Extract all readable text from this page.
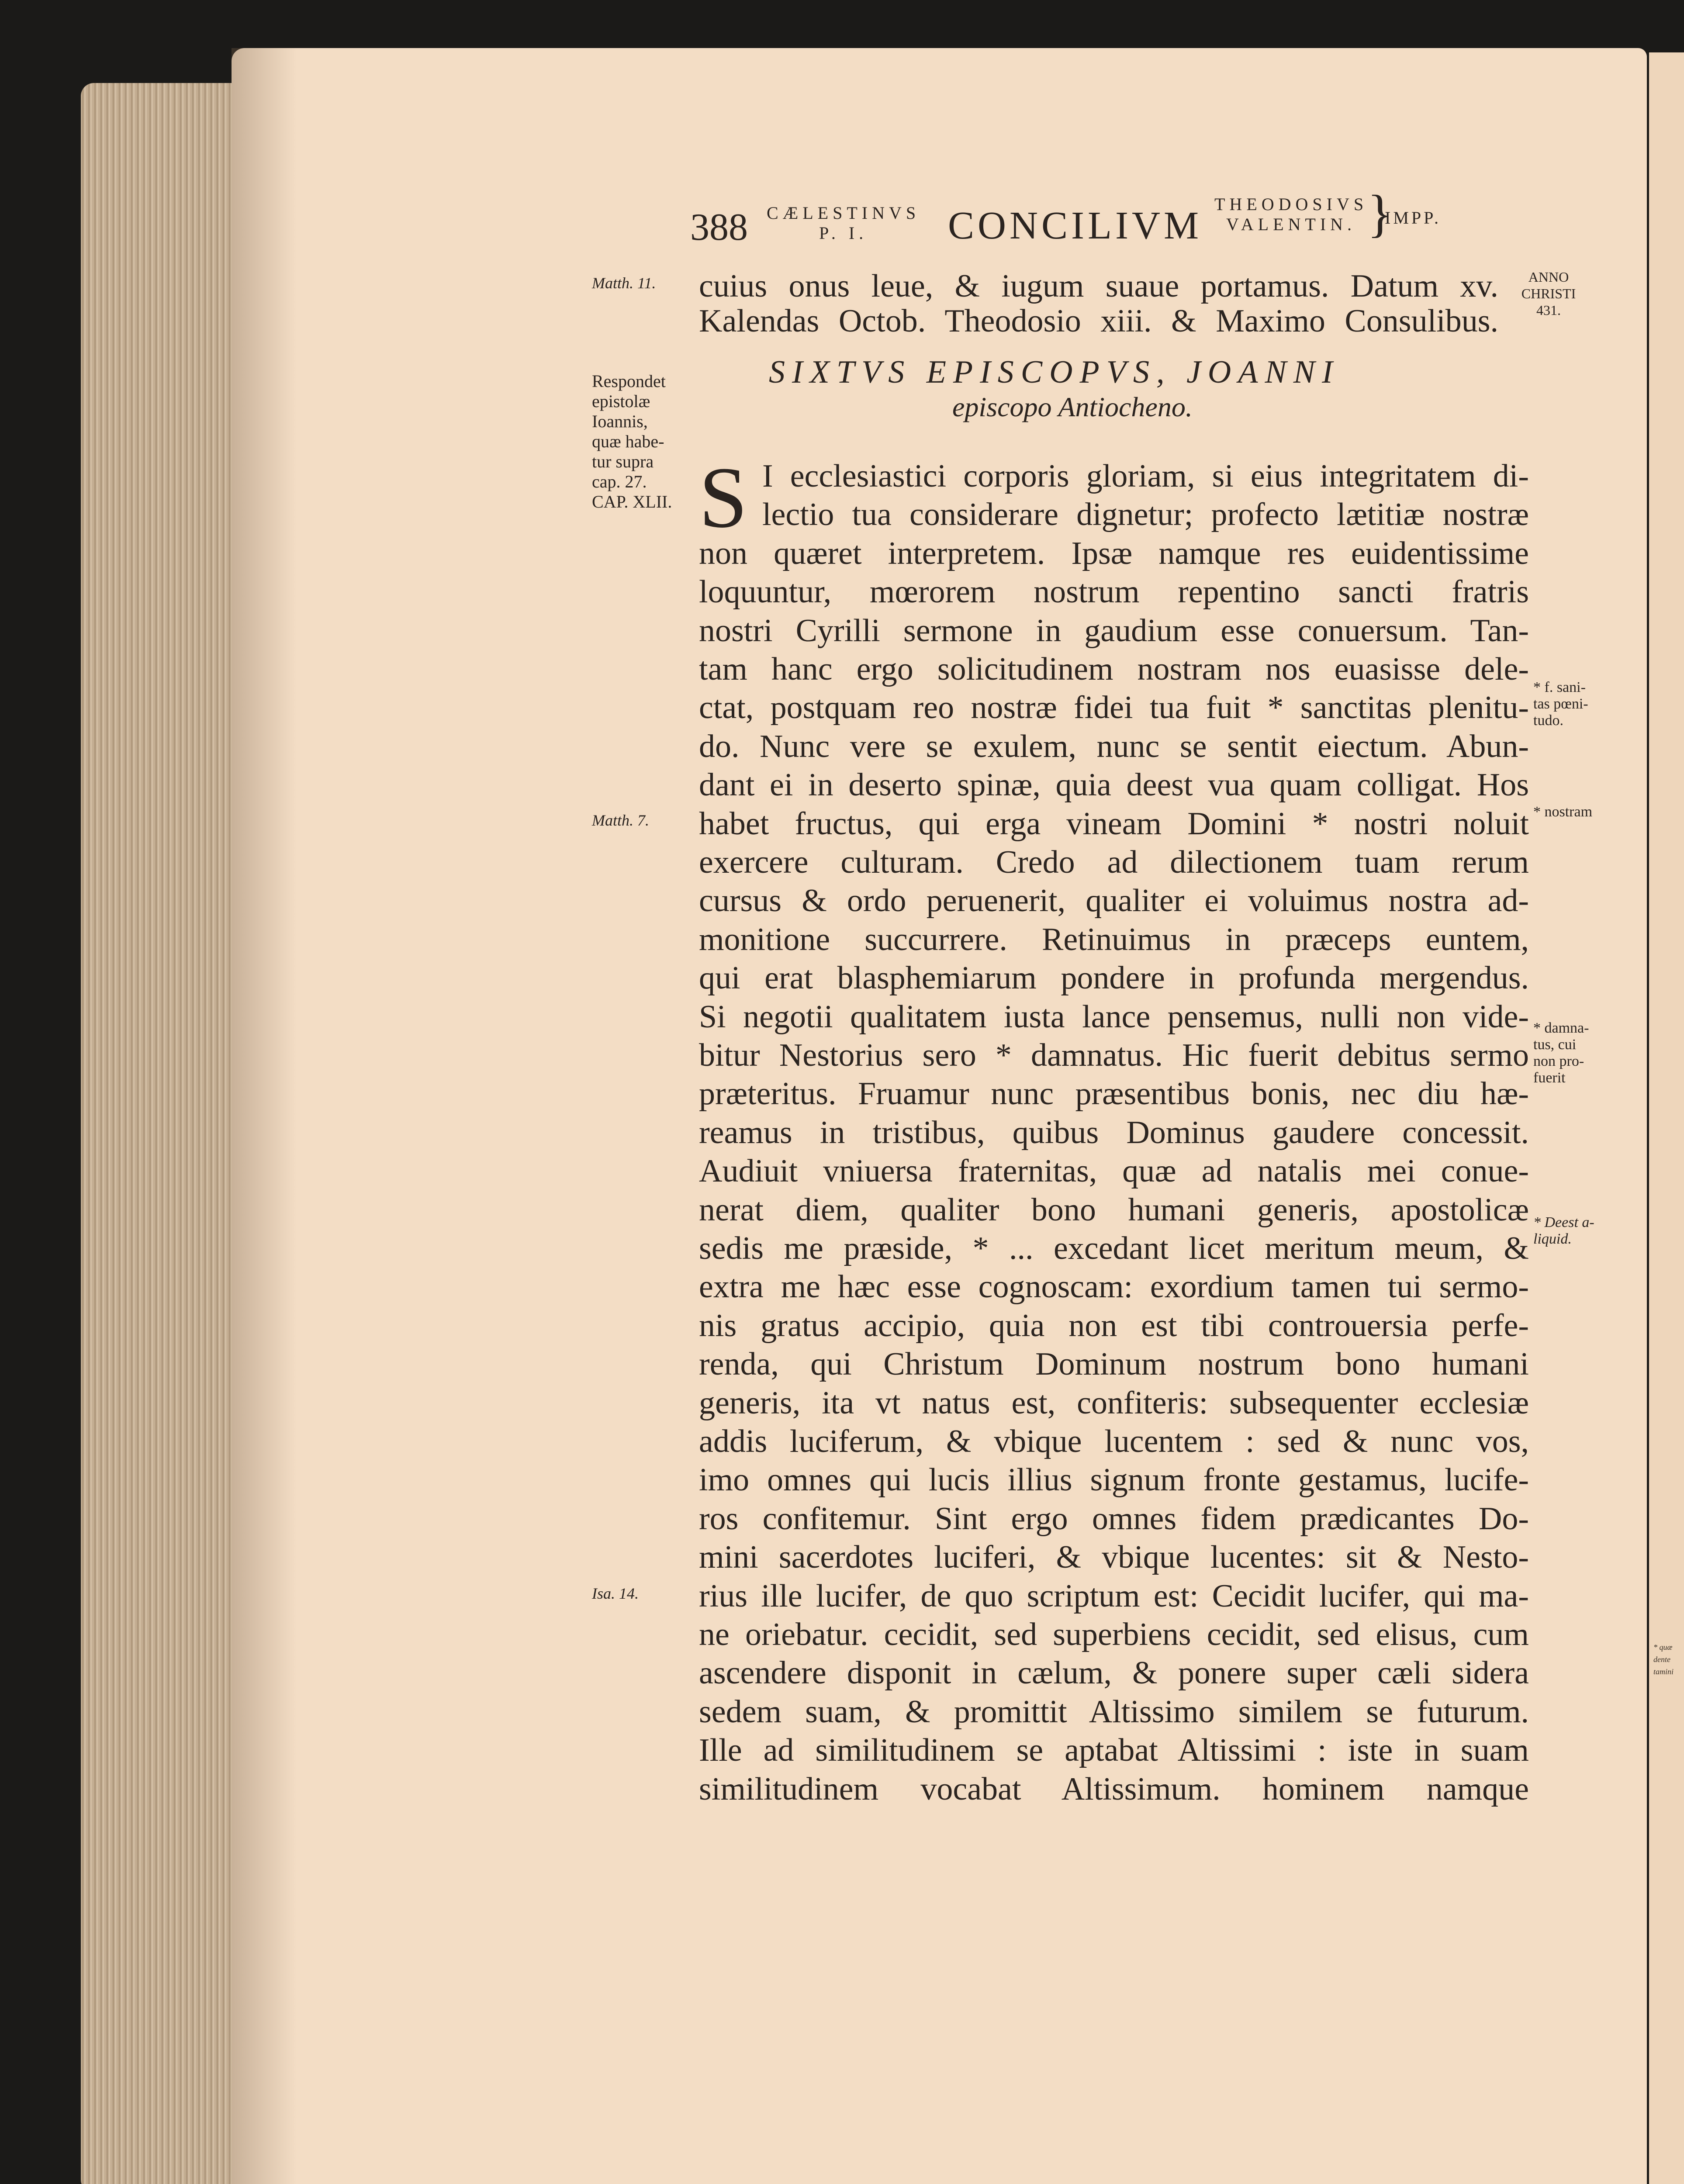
* quæ
dente
tamini
388 CÆLESTINVS
P. I.	CONCILIVM THEODOSIVS
VALENTIN. }
IMPP.
ANNO
CHRISTI
431.
cuius onus leue, & iugum suaue portamus. Datum xv.
Kalendas Octob. Theodosio xiii. & Maximo Consulibus.
SIXTVS EPISCOPVS, JOANNI
episcopo Antiocheno.
S I ecclesiastici corporis gloriam, si eius integritatem di-
lectio tua considerare dignetur; profecto lætitiæ nostræ
non quæret interpretem. Ipsæ namque res euidentissime
loquuntur, mœrorem nostrum repentino sancti fratris
nostri Cyrilli sermone in gaudium esse conuersum. Tan-
tam hanc ergo solicitudinem nostram nos euasisse dele-
ctat, postquam reo nostræ fidei tua fuit * sanctitas plenitu-
do. Nunc vere se exulem, nunc se sentit eiectum. Abun-
dant ei in deserto spinæ, quia deest vua quam colligat. Hos
habet fructus, qui erga vineam Domini * nostri noluit
exercere culturam. Credo ad dilectionem tuam rerum
cursus & ordo peruenerit, qualiter ei voluimus nostra ad-
monitione succurrere. Retinuimus in præceps euntem,
qui erat blasphemiarum pondere in profunda mergendus.
Si negotii qualitatem iusta lance pensemus, nulli non vide-
bitur Nestorius sero * damnatus. Hic fuerit debitus sermo
præteritus. Fruamur nunc præsentibus bonis, nec diu hæ-
reamus in tristibus, quibus Dominus gaudere concessit.
Audiuit vniuersa fraternitas, quæ ad natalis mei conue-
nerat diem, qualiter bono humani generis, apostolicæ
sedis me præside, * ... excedant licet meritum meum, &
extra me hæc esse cognoscam: exordium tamen tui sermo-
nis gratus accipio, quia non est tibi controuersia perfe-
renda, qui Christum Dominum nostrum bono humani
generis, ita vt natus est, confiteris: subsequenter ecclesiæ
addis luciferum, & vbique lucentem : sed & nunc vos,
imo omnes qui lucis illius signum fronte gestamus, lucife-
ros confitemur. Sint ergo omnes fidem prædicantes Do-
mini sacerdotes luciferi, & vbique lucentes: sit & Nesto-
rius ille lucifer, de quo scriptum est: Cecidit lucifer, qui ma-
ne oriebatur. cecidit, sed superbiens cecidit, sed elisus, cum
ascendere disponit in cælum, & ponere super cæli sidera
sedem suam, & promittit Altissimo similem se futurum.
Ille ad similitudinem se aptabat Altissimi : iste in suam
similitudinem vocabat Altissimum. hominem namque
Matth. 11.
Respondet
epistolæ
Ioannis,
quæ habe-
tur supra
cap. 27.
CAP. XLII.
Matth. 7.
Isa. 14.
* f. sani-
tas pœni-
tudo.
* nostram
* damna-
tus, cui
non pro-
fuerit
* Deest a-
liquid.
